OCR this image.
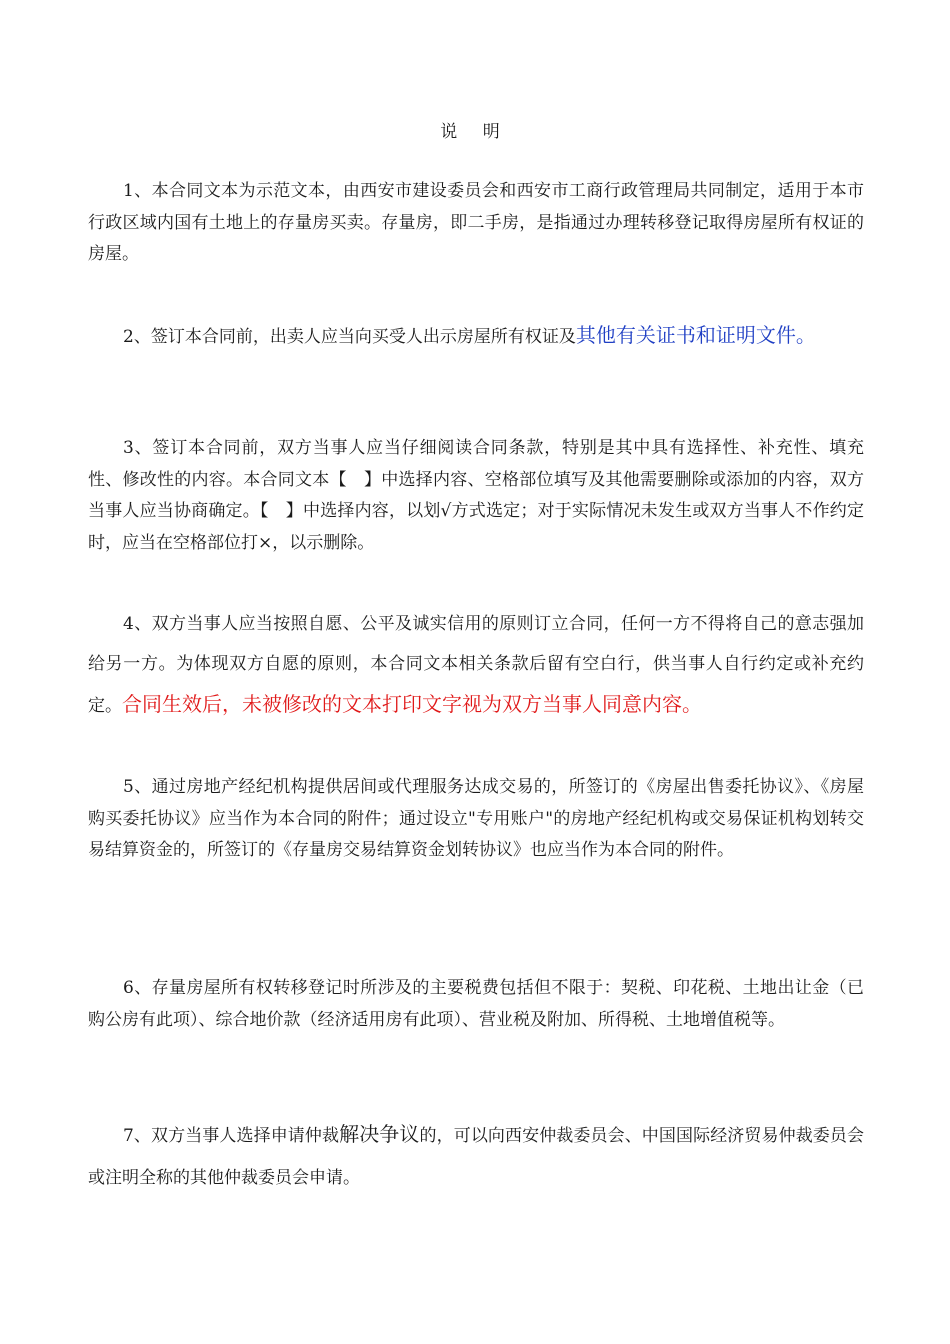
说 明

1、本合同文本为示范文本，由西安市建设委员会和西安市工商行政管理局共同制定，适用于本市行政区域内国有土地上的存量房买卖。存量房，即二手房，是指通过办理转移登记取得房屋所有权证的房屋。

2、签订本合同前，出卖人应当向买受人出示房屋所有权证及其他有关证书和证明文件。

3、签订本合同前，双方当事人应当仔细阅读合同条款，特别是其中具有选择性、补充性、填充性、修改性的内容。本合同文本【　】中选择内容、空格部位填写及其他需要删除或添加的内容，双方当事人应当协商确定。【　】中选择内容，以划√方式选定；对于实际情况未发生或双方当事人不作约定时，应当在空格部位打×，以示删除。

4、双方当事人应当按照自愿、公平及诚实信用的原则订立合同，任何一方不得将自己的意志强加给另一方。为体现双方自愿的原则，本合同文本相关条款后留有空白行，供当事人自行约定或补充约定。合同生效后，未被修改的文本打印文字视为双方当事人同意内容。

5、通过房地产经纪机构提供居间或代理服务达成交易的，所签订的《房屋出售委托协议》、《房屋购买委托协议》应当作为本合同的附件；通过设立"专用账户"的房地产经纪机构或交易保证机构划转交易结算资金的，所签订的《存量房交易结算资金划转协议》也应当作为本合同的附件。

6、存量房屋所有权转移登记时所涉及的主要税费包括但不限于：契税、印花税、土地出让金（已购公房有此项）、综合地价款（经济适用房有此项）、营业税及附加、所得税、土地增值税等。

7、双方当事人选择申请仲裁解决争议的，可以向西安仲裁委员会、中国国际经济贸易仲裁委员会或注明全称的其他仲裁委员会申请。
